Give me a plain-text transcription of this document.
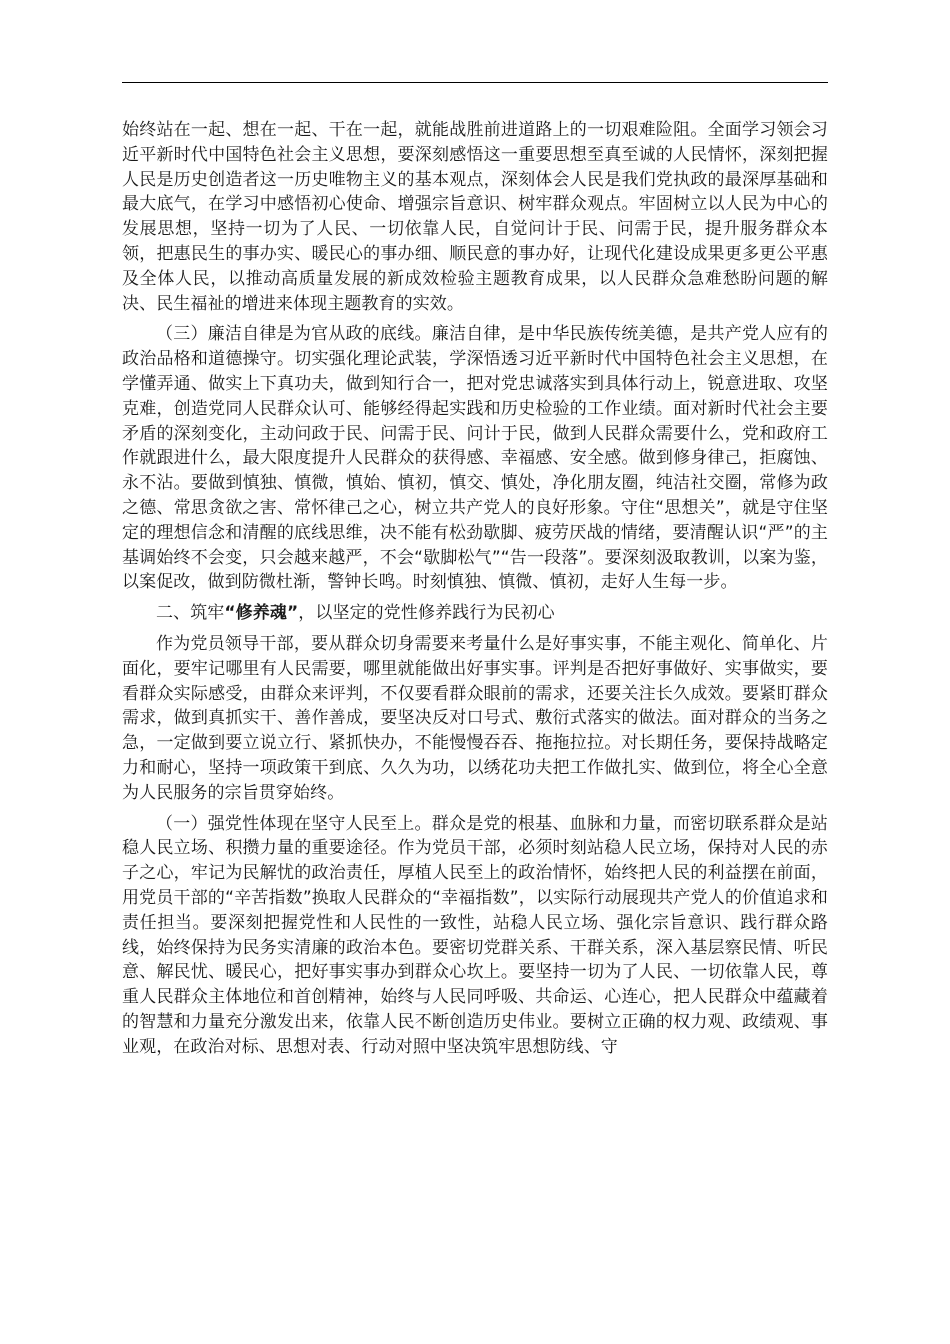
始终站在一起、想在一起、干在一起，就能战胜前进道路上的一切艰难险阻。全面学习领会习近平新时代中国特色社会主义思想，要深刻感悟这一重要思想至真至诚的人民情怀，深刻把握人民是历史创造者这一历史唯物主义的基本观点，深刻体会人民是我们党执政的最深厚基础和最大底气，在学习中感悟初心使命、增强宗旨意识、树牢群众观点。牢固树立以人民为中心的发展思想，坚持一切为了人民、一切依靠人民，自觉问计于民、问需于民，提升服务群众本领，把惠民生的事办实、暖民心的事办细、顺民意的事办好，让现代化建设成果更多更公平惠及全体人民，以推动高质量发展的新成效检验主题教育成果，以人民群众急难愁盼问题的解决、民生福祉的增进来体现主题教育的实效。

（三）廉洁自律是为官从政的底线。廉洁自律，是中华民族传统美德，是共产党人应有的政治品格和道德操守。切实强化理论武装，学深悟透习近平新时代中国特色社会主义思想，在学懂弄通、做实上下真功夫，做到知行合一，把对党忠诚落实到具体行动上，锐意进取、攻坚克难，创造党同人民群众认可、能够经得起实践和历史检验的工作业绩。面对新时代社会主要矛盾的深刻变化，主动问政于民、问需于民、问计于民，做到人民群众需要什么，党和政府工作就跟进什么，最大限度提升人民群众的获得感、幸福感、安全感。做到修身律己，拒腐蚀、永不沾。要做到慎独、慎微，慎始、慎初，慎交、慎处，净化朋友圈，纯洁社交圈，常修为政之德、常思贪欲之害、常怀律己之心，树立共产党人的良好形象。守住“思想关”，就是守住坚定的理想信念和清醒的底线思维，决不能有松劲歇脚、疲劳厌战的情绪，要清醒认识“严”的主基调始终不会变，只会越来越严，不会“歇脚松气”“告一段落”。要深刻汲取教训，以案为鉴，以案促改，做到防微杜渐，警钟长鸣。时刻慎独、慎微、慎初，走好人生每一步。

二、筑牢“修养魂”，以坚定的党性修养践行为民初心

作为党员领导干部，要从群众切身需要来考量什么是好事实事，不能主观化、简单化、片面化，要牢记哪里有人民需要，哪里就能做出好事实事。评判是否把好事做好、实事做实，要看群众实际感受，由群众来评判，不仅要看群众眼前的需求，还要关注长久成效。要紧盯群众需求，做到真抓实干、善作善成，要坚决反对口号式、敷衍式落实的做法。面对群众的当务之急，一定做到要立说立行、紧抓快办，不能慢慢吞吞、拖拖拉拉。对长期任务，要保持战略定力和耐心，坚持一项政策干到底、久久为功，以绣花功夫把工作做扎实、做到位，将全心全意为人民服务的宗旨贯穿始终。

（一）强党性体现在坚守人民至上。群众是党的根基、血脉和力量，而密切联系群众是站稳人民立场、积攒力量的重要途径。作为党员干部，必须时刻站稳人民立场，保持对人民的赤子之心，牢记为民解忧的政治责任，厚植人民至上的政治情怀，始终把人民的利益摆在前面，用党员干部的“辛苦指数”换取人民群众的“幸福指数”，以实际行动展现共产党人的价值追求和责任担当。要深刻把握党性和人民性的一致性，站稳人民立场、强化宗旨意识、践行群众路线，始终保持为民务实清廉的政治本色。要密切党群关系、干群关系，深入基层察民情、听民意、解民忧、暖民心，把好事实事办到群众心坎上。要坚持一切为了人民、一切依靠人民，尊重人民群众主体地位和首创精神，始终与人民同呼吸、共命运、心连心，把人民群众中蕴藏着的智慧和力量充分激发出来，依靠人民不断创造历史伟业。要树立正确的权力观、政绩观、事业观，在政治对标、思想对表、行动对照中坚决筑牢思想防线、守
